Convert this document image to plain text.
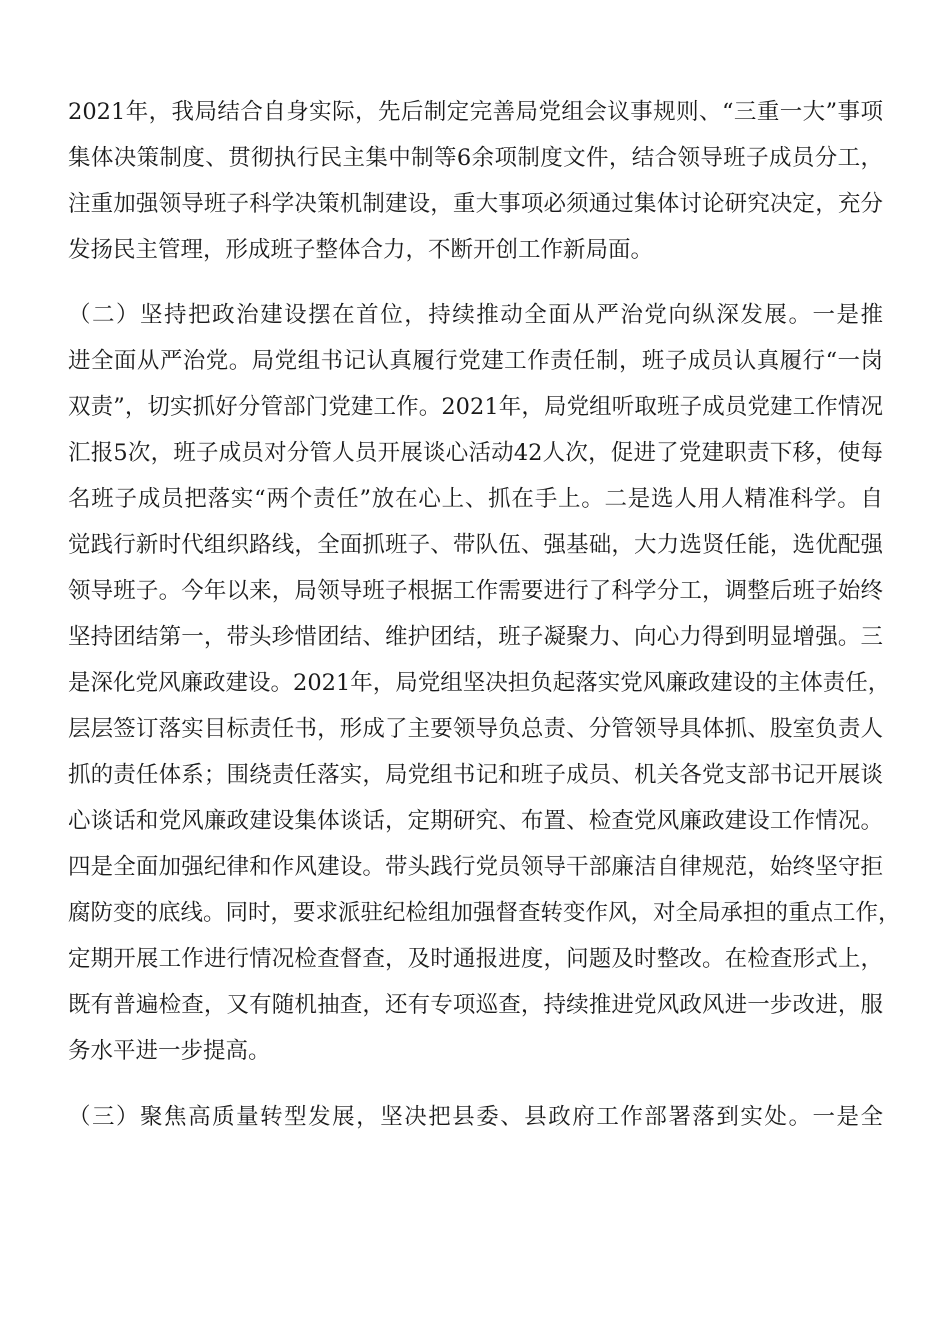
2021年，我局结合自身实际，先后制定完善局党组会议事规则、“三重一大”事项
集体决策制度、贯彻执行民主集中制等6余项制度文件，结合领导班子成员分工，
注重加强领导班子科学决策机制建设，重大事项必须通过集体讨论研究决定，充分
发扬民主管理，形成班子整体合力，不断开创工作新局面。
（二）坚持把政治建设摆在首位，持续推动全面从严治党向纵深发展。一是推
进全面从严治党。局党组书记认真履行党建工作责任制，班子成员认真履行“一岗
双责”，切实抓好分管部门党建工作。2021年，局党组听取班子成员党建工作情况
汇报5次，班子成员对分管人员开展谈心活动42人次，促进了党建职责下移，使每
名班子成员把落实“两个责任”放在心上、抓在手上。二是选人用人精准科学。自
觉践行新时代组织路线，全面抓班子、带队伍、强基础，大力选贤任能，选优配强
领导班子。今年以来，局领导班子根据工作需要进行了科学分工，调整后班子始终
坚持团结第一，带头珍惜团结、维护团结，班子凝聚力、向心力得到明显增强。三
是深化党风廉政建设。2021年，局党组坚决担负起落实党风廉政建设的主体责任，
层层签订落实目标责任书，形成了主要领导负总责、分管领导具体抓、股室负责人
抓的责任体系；围绕责任落实，局党组书记和班子成员、机关各党支部书记开展谈
心谈话和党风廉政建设集体谈话，定期研究、布置、检查党风廉政建设工作情况。
四是全面加强纪律和作风建设。带头践行党员领导干部廉洁自律规范，始终坚守拒
腐防变的底线。同时，要求派驻纪检组加强督查转变作风，对全局承担的重点工作，
定期开展工作进行情况检查督查，及时通报进度，问题及时整改。在检查形式上，
既有普遍检查，又有随机抽查，还有专项巡查，持续推进党风政风进一步改进，服
务水平进一步提高。
（三）聚焦高质量转型发展，坚决把县委、县政府工作部署落到实处。一是全
